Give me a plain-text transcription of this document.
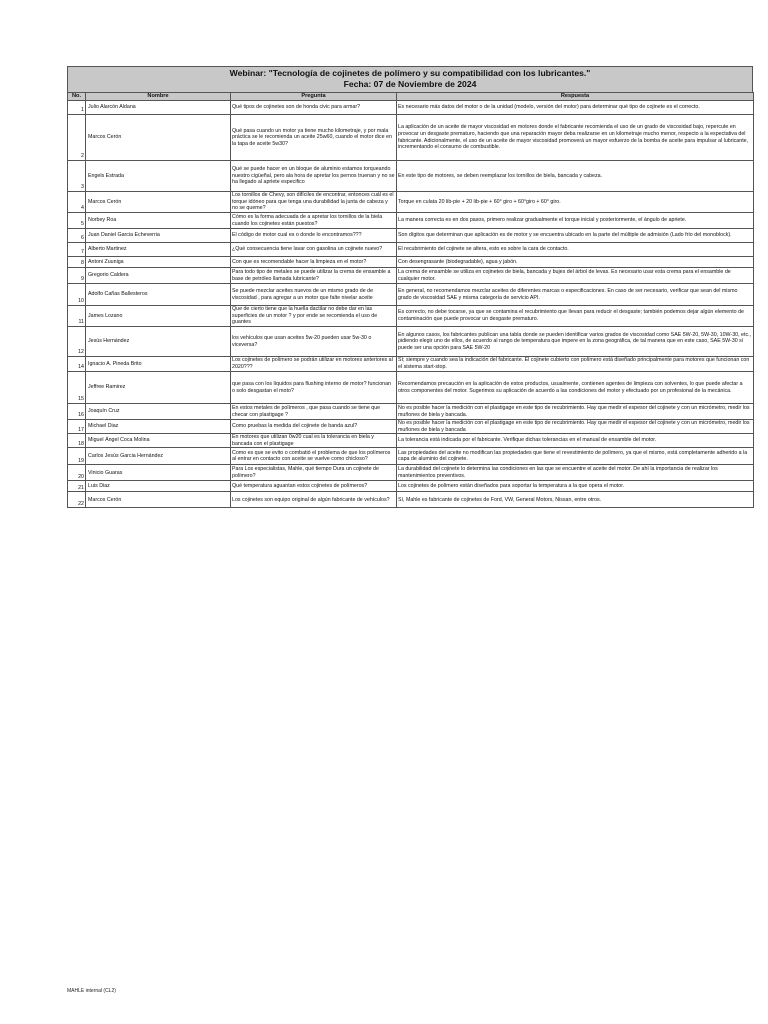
Webinar: "Tecnología de cojinetes de polímero y su compatibilidad con los lubricantes."
Fecha: 07 de Noviembre de 2024
No.	Nombre	Pregunta	Respuesta
1	Julio Alarcón Aldana	Qué tipos de cojinetes son de honda civic para armar?	Es necesario más datos del motor o de la unidad (modelo, versión del motor) para determinar qué tipo de cojinete es el correcto.
2	Marcos Cerón	Qué pasa cuando un motor ya tiene mucho kilometraje, y por mala práctica se le recomienda un aceite 25w60, cuando el motor dice en la tapa de aceite 5w30?	La aplicación de un aceite de mayor viscosidad en motores donde el fabricante recomienda el uso de un grado de viscosidad bajo, repercute en provocar un desgaste prematuro, haciendo que una reparación mayor deba realizarse en un kilometraje mucho menor, respecto a la espectativa del fabricante. Adicionalmente, el uso de un aceite de mayor viscosidad promoverá un mayor esfuerzo de la bomba de aceite para impulsar al lubricante, incrementando el consumo de combustible.
3	Engels Estrada	Qué se puede hacer en un bloque de aluminio estamos torqueando nuestro cigüeñal, pero ala hora de apretar los pernos truenan y no se ha llegado al apriete especifico	En este tipo de motores, se deben reemplazar los tornillos de biela, bancada y cabeza.
4	Marcos Cerón	Los tornillos de Chevy, son difíciles de encontrar, entonces cuál es el torque idóneo para que tenga una durabilidad la junta de cabeza y no se queme?	Torque en culata 20 lib-pie + 20 lib-pie + 60° giro + 60°giro + 60° giro.
5	Norbey Roa	Cómo es la forma adecuada de a apretar los tornillos de la biela cuando los cojinetes están puestos?	La manera correcta es en dos pasos, primero realizar gradualmente el torque inicial y posteriormente, el ángulo de apriete.
6	Juan Daniel Garcia Echeverria	El código de motor cual es o donde lo encontramos???	Son dígitos que determinan que aplicación es de motor y se encuentra ubicado en la parte del múltiple de admisión (Lado frío del monoblock).
7	Alberto Martinez	¿Qué consecuencia tiene lavar con gasolina un cojinete nuevo?	El recubrimiento del cojinete se altera, esto es sobre la cara de contacto.
8	Antoni Zuuniga	Con que es recomendable hacer la limpieza en el motor?	Con desengrasante (biodegradable), agua y jabón.
9	Gregorio Caldera	Para todo tipo de metales se puede utilizar la crema de ensamble a base de petróleo llamada lubricante?	La crema de ensamble se utiliza en cojinetes de biela, bancada y bujes del árbol de levas. Es necesario usar esta crema para el ensamble de cualquier motor.
10	Adolfo Cañas Ballesteros	Se puede mezclar aceites nuevos de un mismo grado de de viscosidad , para agregar a un motor que falte nivelar aceite	En general, no recomendamos mezclar aceites de diferentes marcas o especificaciones. En caso de ser necesario, verificar que sean del mismo grado de viscosidad SAE y misma categoría de servicio API.
11	James Lozano	Que de cierto tiene que la huella dactilar no debe dar en las superficies de un motor ? y por ende se recomienda el uso de guantes	Es correcto, no debe tocarse, ya que se contamina el recubrimiento que llevan para reducir el desgaste; también podemos dejar algún elemento de contaminación que puede provocar un desgaste prematuro.
12	Jesús Hernández	los vehículos que usan aceites 5w-20 pueden usar 5w-30 o viceversa?	En algunos casos, los fabricantes publican una tabla donde se pueden identificar varios grados de viscosidad como SAE 5W-20, 5W-30, 10W-30, etc., pidiendo elegir uno de ellos, de acuerdo al rango de temperatura que impere en la zona geográfica, de tal manera que en este caso, SAE 5W-30 sí puede ser una opción para SAE 5W-20
14	Ignacio A. Pineda Brito	Los cojinetes de polímero se podrán utilizar en motores anteriores al 2020???	Sí; siempre y cuando sea la indicación del fabricante. El cojinete cubierto con polímero está diseñado principalmente para motores que funcionan con el sistema start-stop.
15	Jeffree Ramirez	que pasa con los líquidos para flushing interno de motor? funcionan o solo desgastan el moto?	Recomendamos precaución en la aplicación de estos productos, usualmente, contienen agentes de limpieza con solventes, lo que puede afectar a otros componentes del motor. Sugerimos su aplicación de acuerdo a las condiciones del motor y efectuado por un profesional de la mecánica.
16	Joaquín Cruz	En estos metales de polímeros , que pasa cuando se tiene que checar con plastigage ?	No es posible hacer la medición con el plastigage en este tipo de recubrimiento. Hay que medir el espesor del cojinete y con un micrómetro, medir los muñones de biela y bancada.
17	Michael Diaz	Como pruebas la medida del cojinete de banda azul?	No es posible hacer la medición con el plastigage en este tipo de recubrimiento. Hay que medir el espesor del cojinete y con un micrómetro, medir los muñones de biela y bancada
18	Miguel Ángel Coca Molina	En motores que utilizan 0w20 cual es la tolerancia en biela y bancada con el plastigage	La tolerancia está indicada por el fabricante. Verifique dichas tolerancias en el manual de ensamble del motor.
19	Carlos Jesús Garcia Hernández	Como es que se evito o combatió el problema de que los polímeros al entrar en contacto con aceite se vuelve como chicloso?	Las propiedades del aceite no modifican las propiedades que tiene el revestimiento de polímero, ya que el mismo, está completamente adherido a la capa de aluminio del cojinete.
20	Vinicio Guaras	Para Los especialistas, Mahle, qué tiempo Dura un cojinete de polímero?	La durabilidad del cojinete lo determina las condiciones en las que se encuentre el aceite del motor. De ahí la importancia de realizar los mantenimientos preventivos.
21	Luis Diaz	Qué temperatura aguantan estos cojinetes de polímeros?	Los cojinetes de polímero están diseñados para soportar la temperatura a la que opera el motor.
22	Marcos Cerón	Los cojinetes son equipo original de algún fabricante de vehículos?	Sí, Mahle es fabricante de cojinetes de Ford, VW, General Motors, Nissan, entre otros.
MAHLE internal (CL2)
